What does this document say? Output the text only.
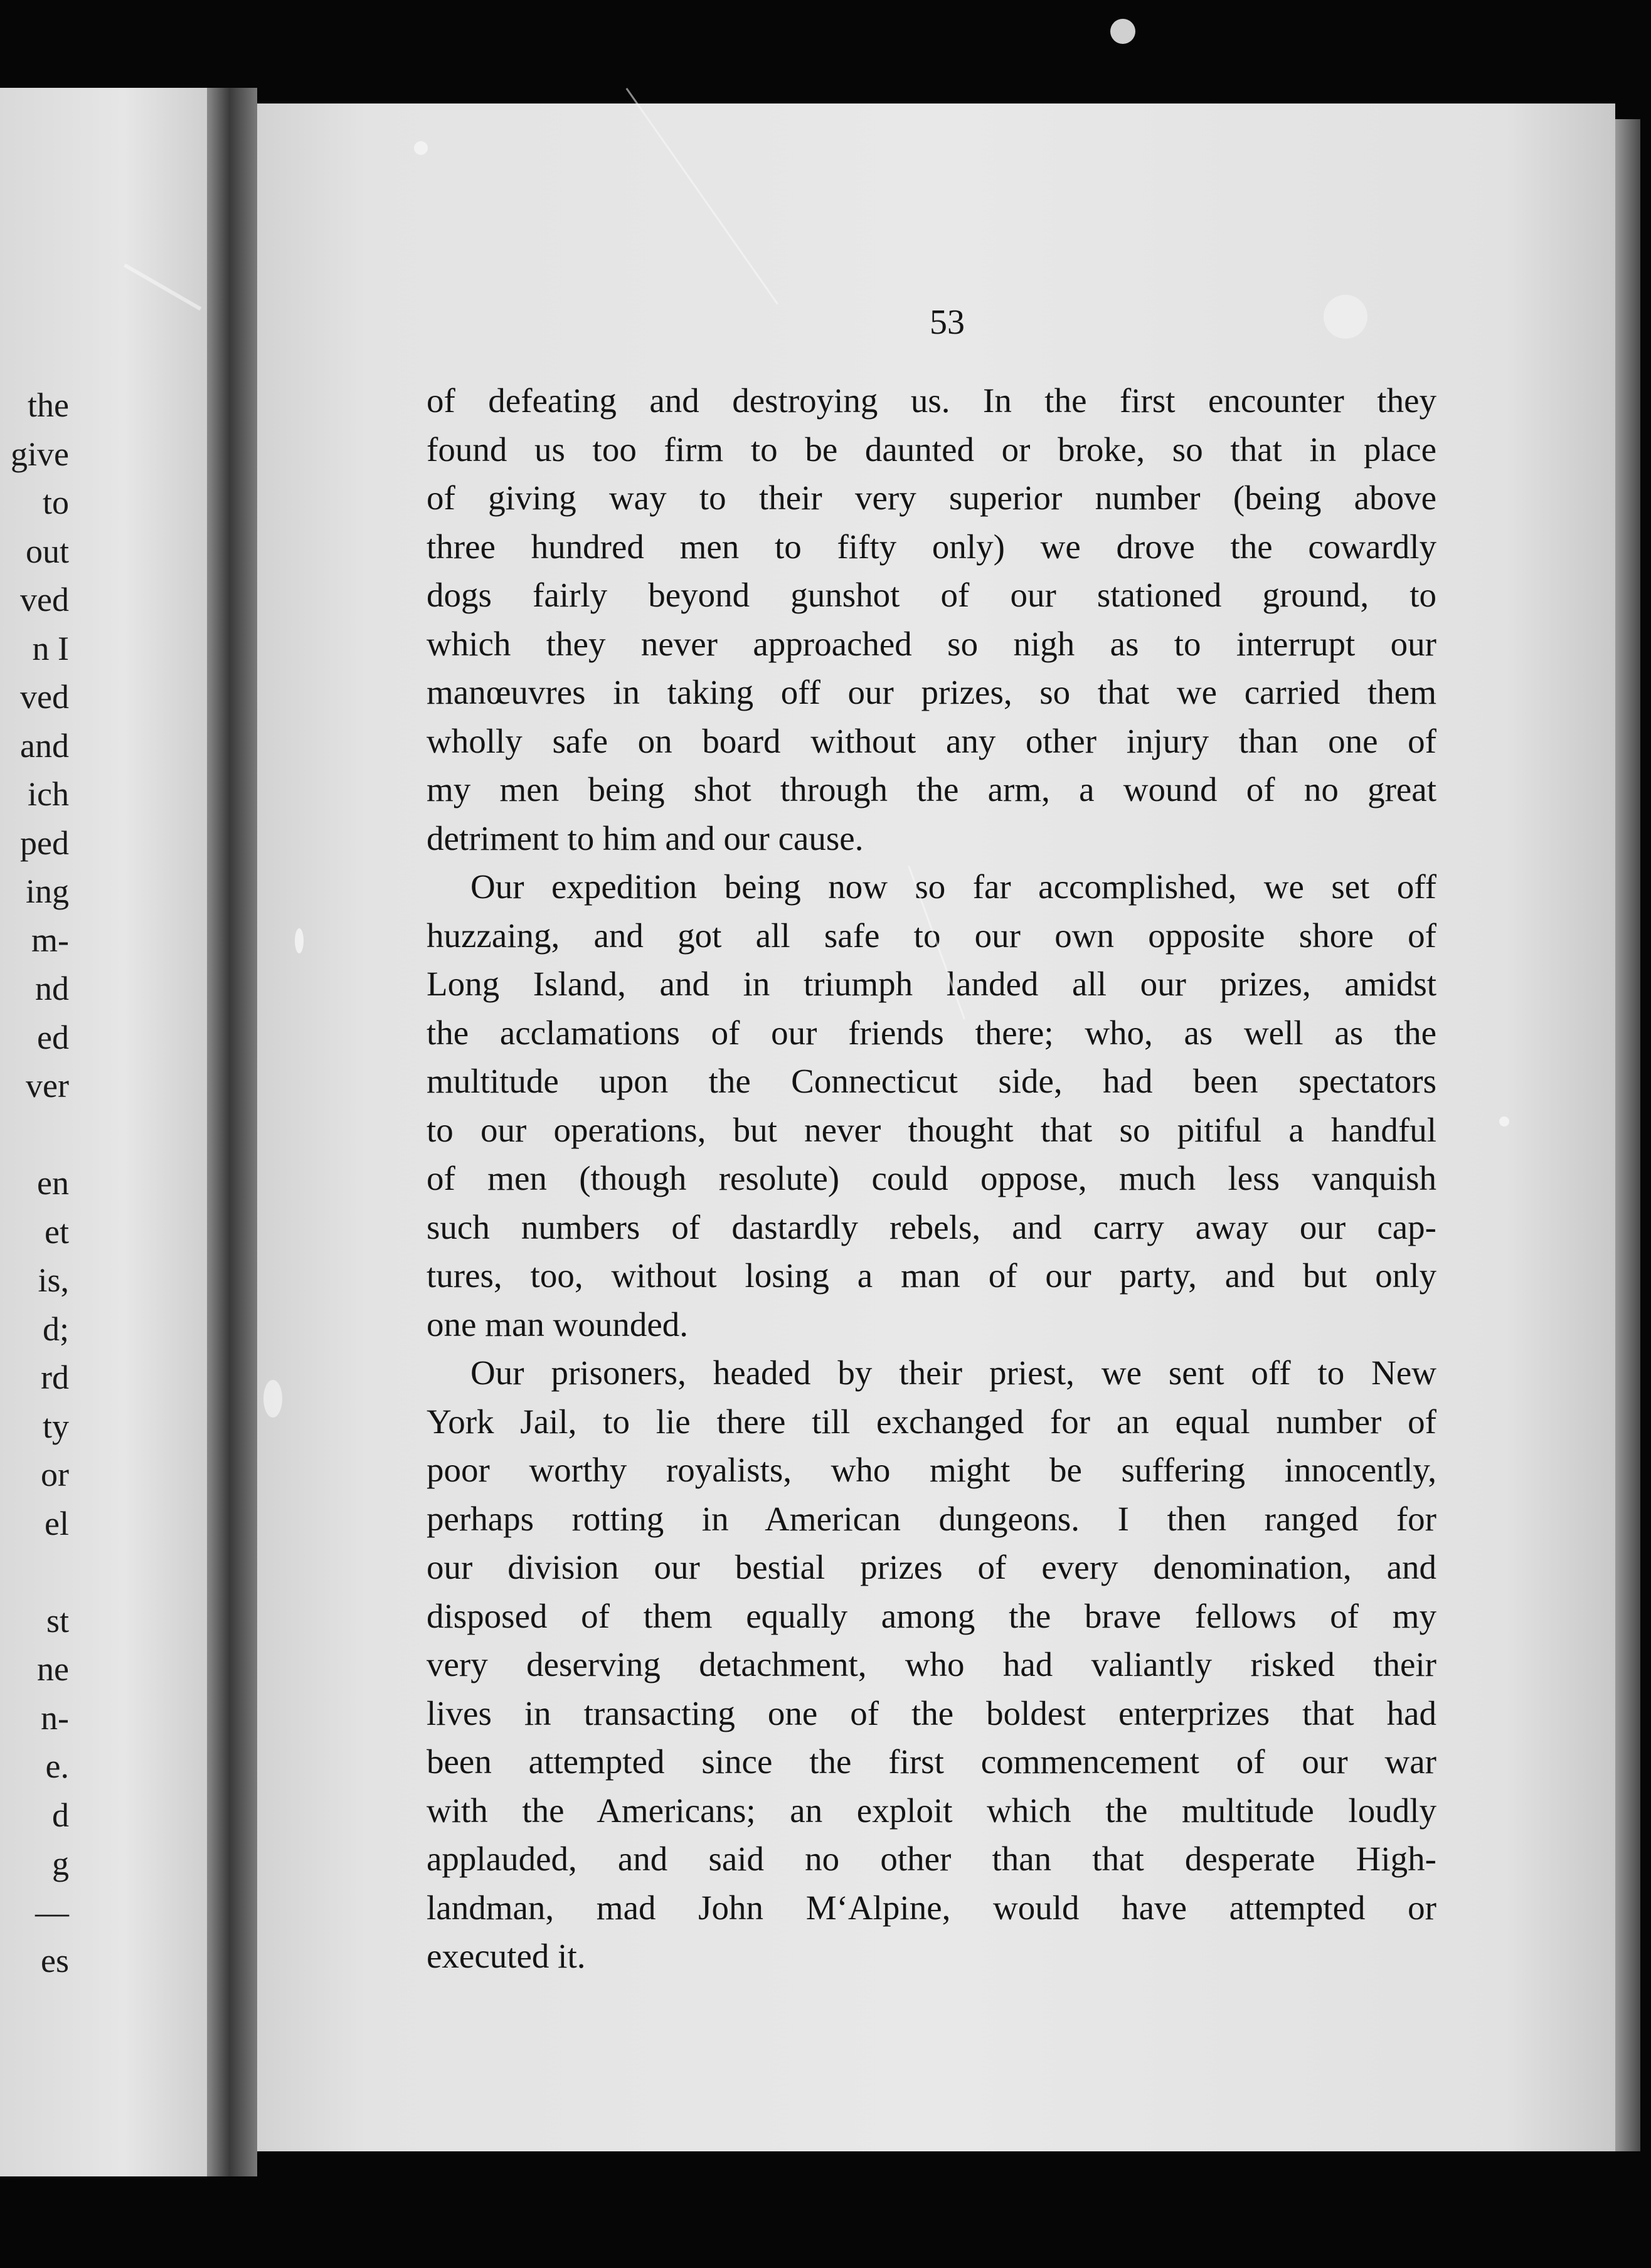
the
give
to
out
ved
n I
ved
and
ich
ped
ing
m-
nd
ed
ver
en
et
is,
d;
rd
ty
or
el
st
ne
n-
e.
d
g
—
es
53
of defeating and destroying us. In the first encounter they
found us too firm to be daunted or broke, so that in place
of giving way to their very superior number (being above
three hundred men to fifty only) we drove the cowardly
dogs fairly beyond gunshot of our stationed ground, to
which they never approached so nigh as to interrupt our
manœuvres in taking off our prizes, so that we carried them
wholly safe on board without any other injury than one of
my men being shot through the arm, a wound of no great
detriment to him and our cause.
Our expedition being now so far accomplished, we set off
huzzaing, and got all safe to our own opposite shore of
Long Island, and in triumph landed all our prizes, amidst
the acclamations of our friends there; who, as well as the
multitude upon the Connecticut side, had been spectators
to our operations, but never thought that so pitiful a handful
of men (though resolute) could oppose, much less vanquish
such numbers of dastardly rebels, and carry away our cap-
tures, too, without losing a man of our party, and but only
one man wounded.
Our prisoners, headed by their priest, we sent off to New
York Jail, to lie there till exchanged for an equal number of
poor worthy royalists, who might be suffering innocently,
perhaps rotting in American dungeons. I then ranged for
our division our bestial prizes of every denomination, and
disposed of them equally among the brave fellows of my
very deserving detachment, who had valiantly risked their
lives in transacting one of the boldest enterprizes that had
been attempted since the first commencement of our war
with the Americans; an exploit which the multitude loudly
applauded, and said no other than that desperate High-
landman, mad John M‘Alpine, would have attempted or
executed it.
